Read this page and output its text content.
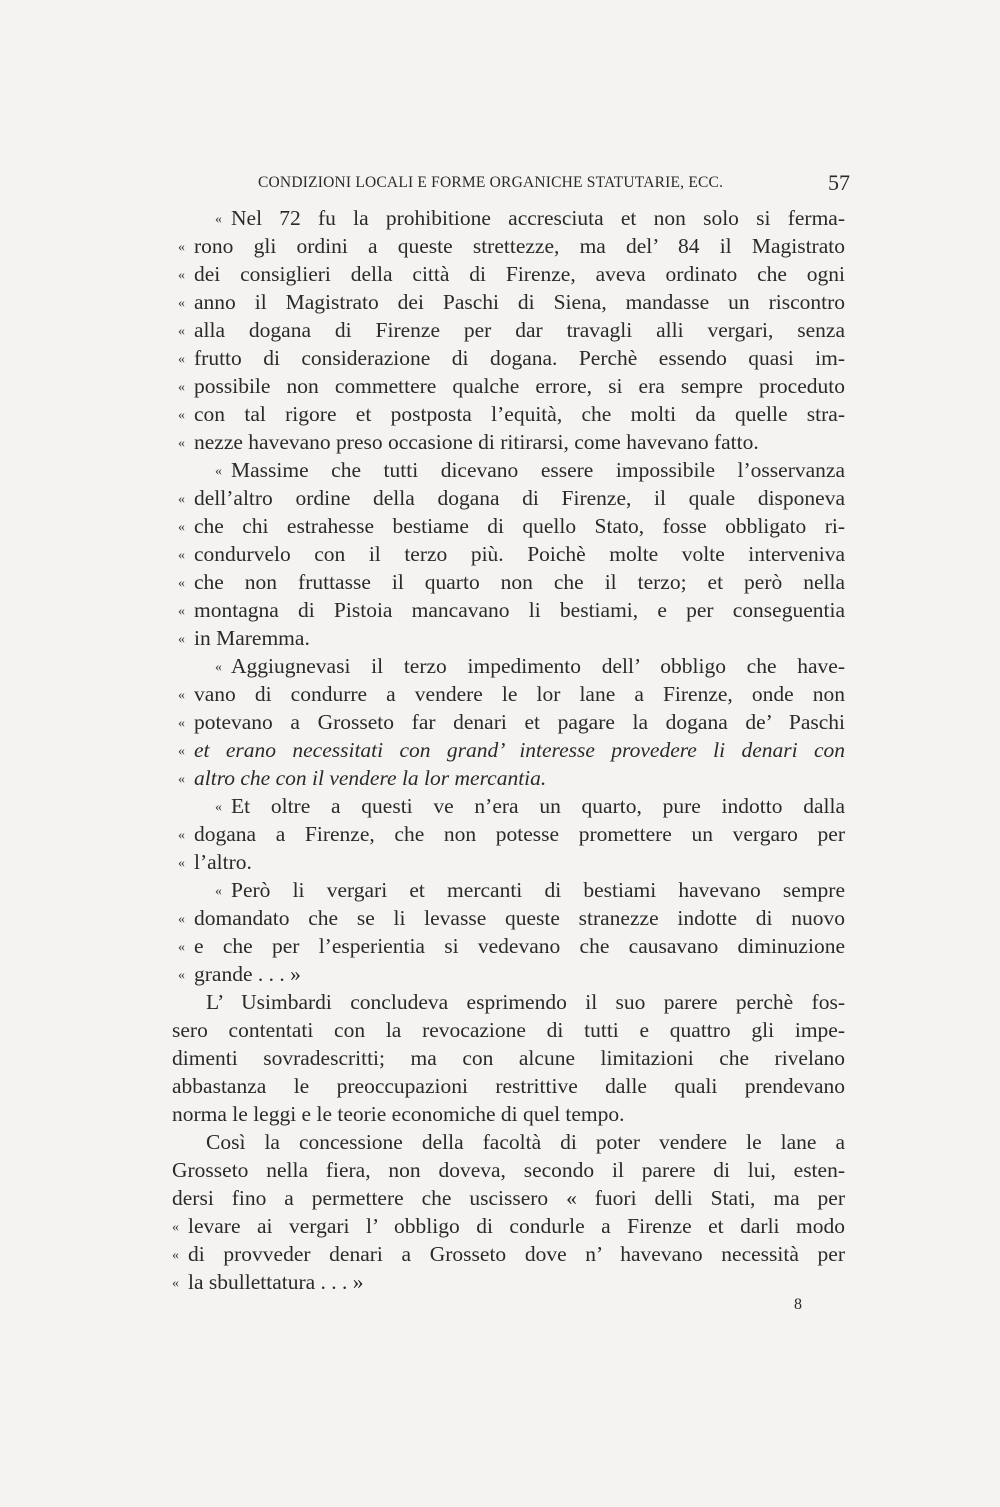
CONDIZIONI LOCALI E FORME ORGANICHE STATUTARIE, ECC.	57
« Nel 72 fu la prohibitione accresciuta et non solo si ferma-
« rono gli ordini a queste strettezze, ma del’ 84 il Magistrato
« dei consiglieri della città di Firenze, aveva ordinato che ogni
« anno il Magistrato dei Paschi di Siena, mandasse un riscontro
« alla dogana di Firenze per dar travagli alli vergari, senza
« frutto di considerazione di dogana. Perchè essendo quasi im-
« possibile non commettere qualche errore, si era sempre proceduto
« con tal rigore et postposta l’equità, che molti da quelle stra-
« nezze havevano preso occasione di ritirarsi, come havevano fatto.
« Massime che tutti dicevano essere impossibile l’osservanza
« dell’altro ordine della dogana di Firenze, il quale disponeva
« che chi estrahesse bestiame di quello Stato, fosse obbligato ri-
« condurvelo con il terzo più. Poichè molte volte interveniva
« che non fruttasse il quarto non che il terzo; et però nella
« montagna di Pistoia mancavano li bestiami, e per conseguentia
« in Maremma.
« Aggiugnevasi il terzo impedimento dell’ obbligo che have-
« vano di condurre a vendere le lor lane a Firenze, onde non
« potevano a Grosseto far denari et pagare la dogana de’ Paschi
« et erano necessitati con grand’ interesse provedere li denari con
« altro che con il vendere la lor mercantia.
« Et oltre a questi ve n’era un quarto, pure indotto dalla
« dogana a Firenze, che non potesse promettere un vergaro per
« l’altro.
« Però li vergari et mercanti di bestiami havevano sempre
« domandato che se li levasse queste stranezze indotte di nuovo
« e che per l’esperientia si vedevano che causavano diminuzione
« grande . . . »
L’ Usimbardi concludeva esprimendo il suo parere perchè fos-
sero contentati con la revocazione di tutti e quattro gli impe-
dimenti sovradescritti; ma con alcune limitazioni che rivelano
abbastanza le preoccupazioni restrittive dalle quali prendevano
norma le leggi e le teorie economiche di quel tempo.
Così la concessione della facoltà di poter vendere le lane a
Grosseto nella fiera, non doveva, secondo il parere di lui, esten-
dersi fino a permettere che uscissero « fuori delli Stati, ma per
« levare ai vergari l’ obbligo di condurle a Firenze et darli modo
« di provveder denari a Grosseto dove n’ havevano necessità per
« la sbullettatura . . . »
8
